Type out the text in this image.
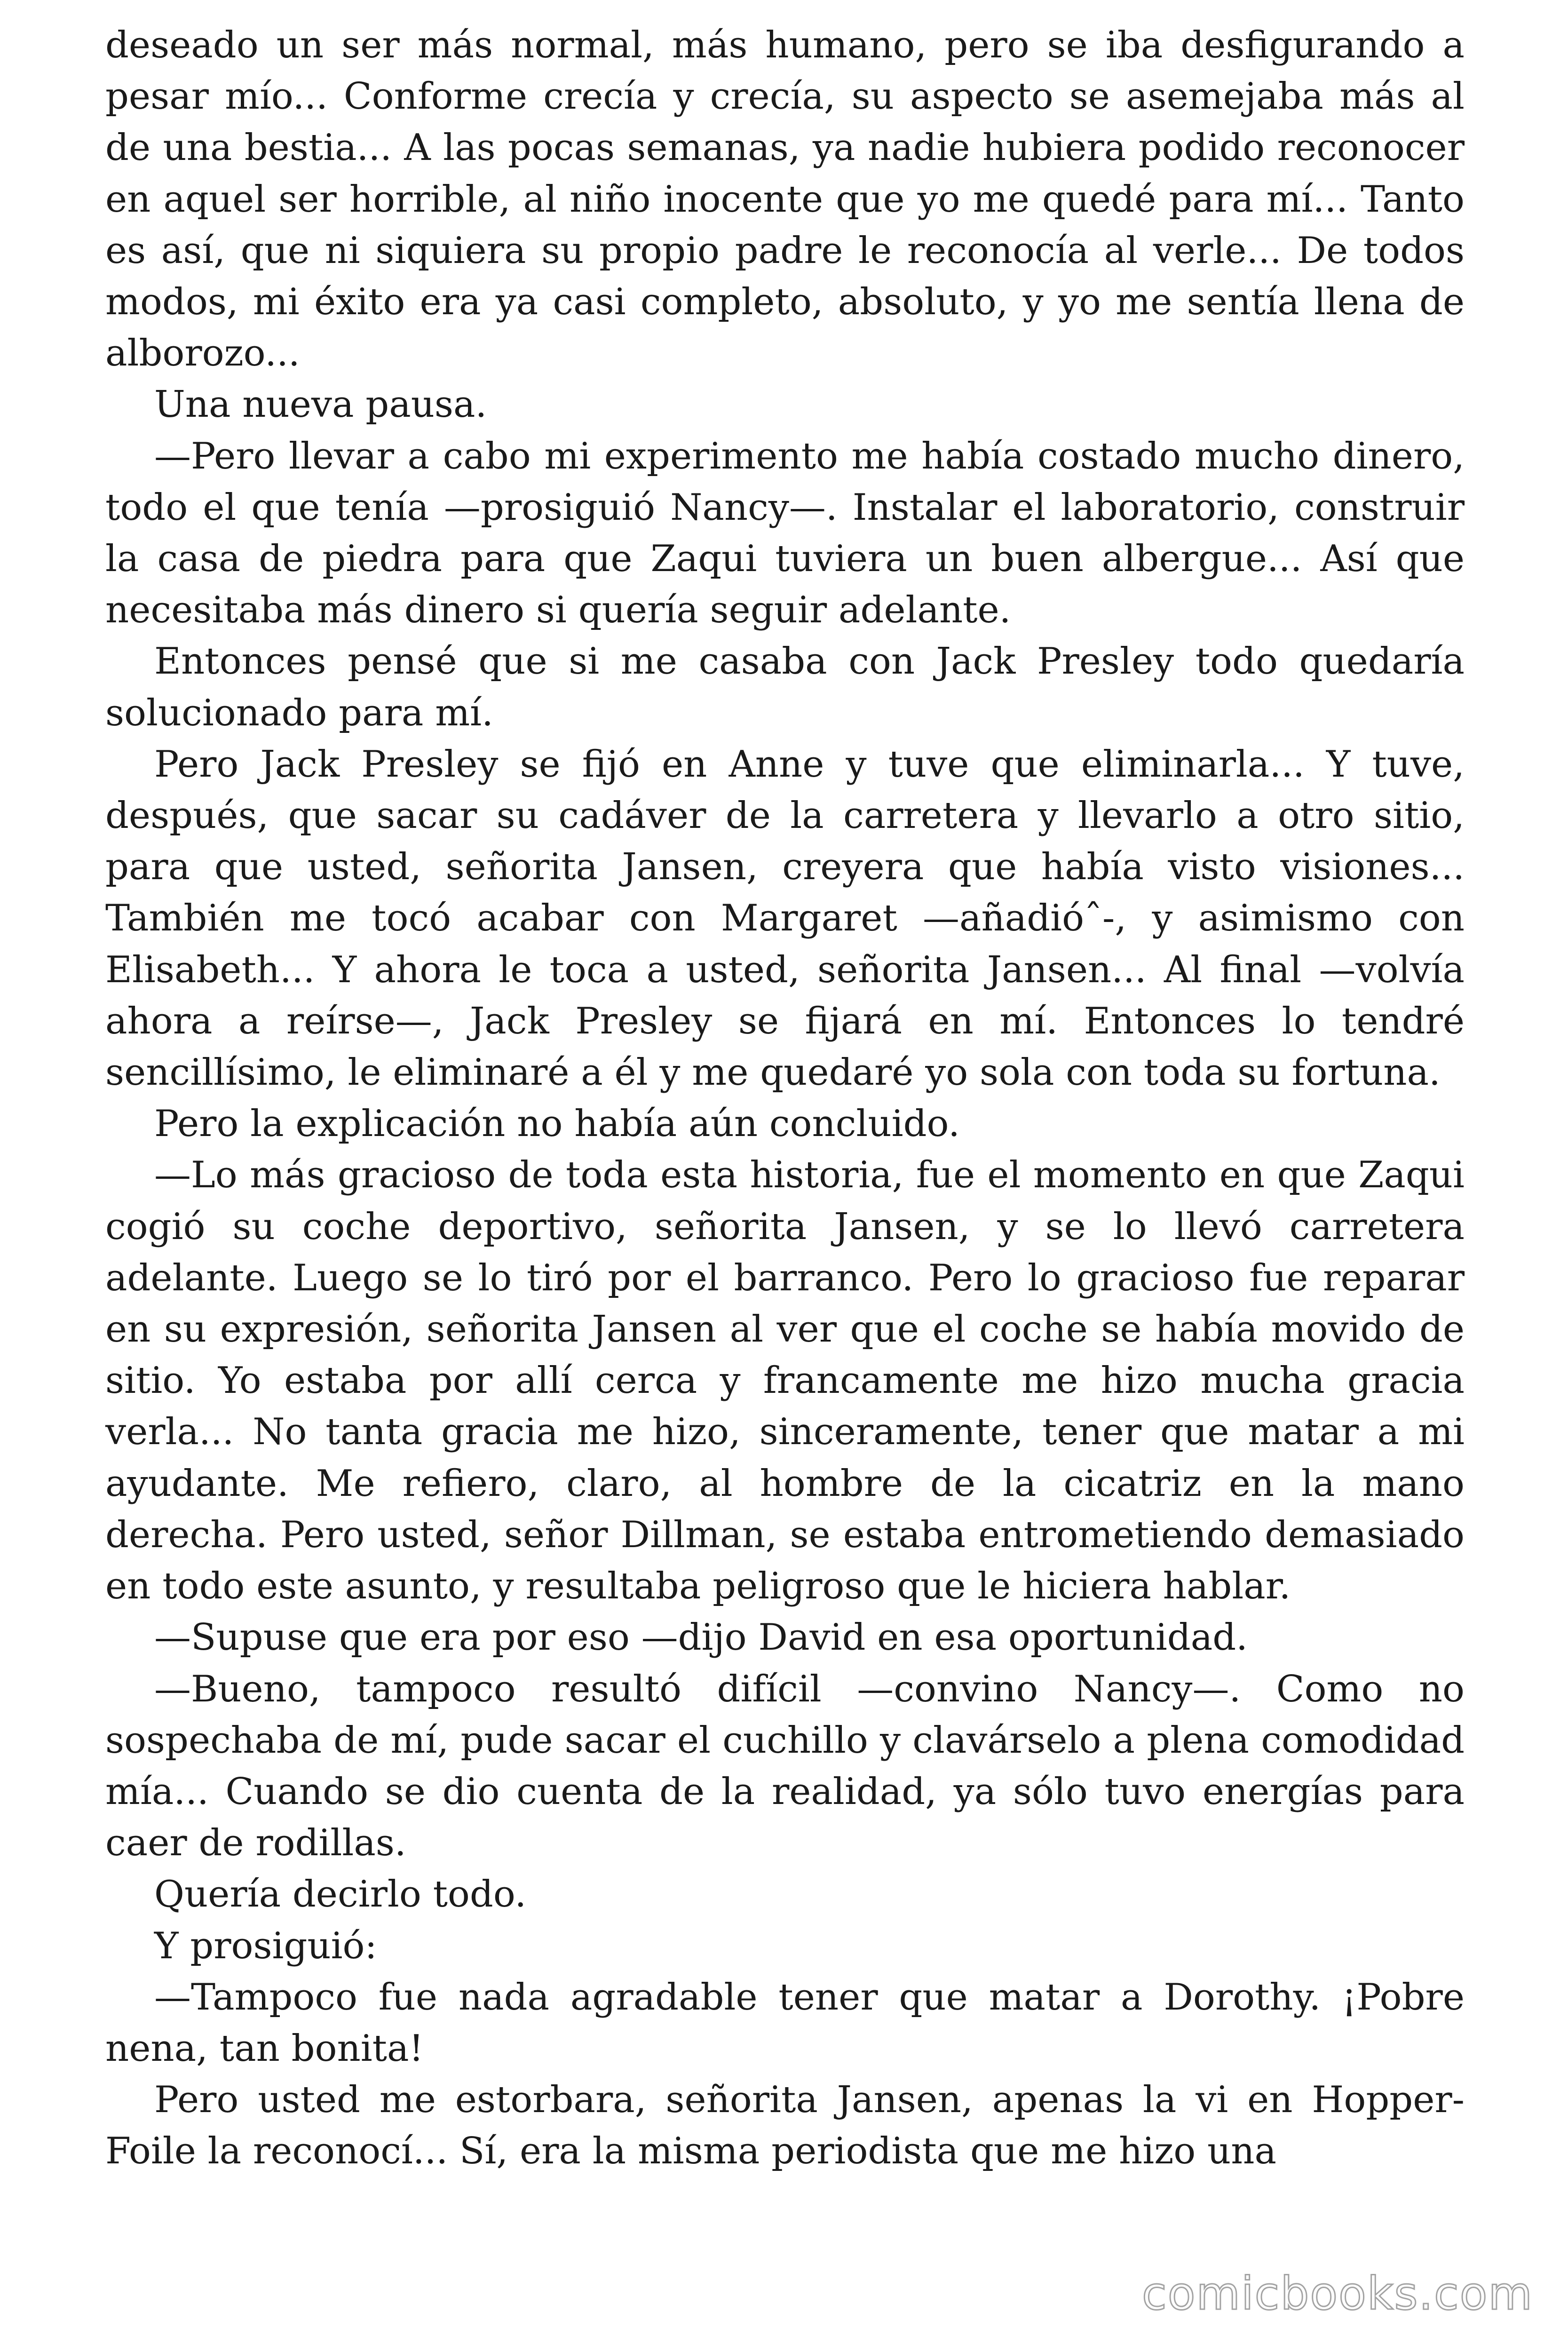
deseado un ser más normal, más humano, pero se iba desfigurando a pesar mío... Conforme crecía y crecía, su aspecto se asemejaba más al de una bestia... A las pocas semanas, ya nadie hubiera podido reconocer en aquel ser horrible, al niño inocente que yo me quedé para mí... Tanto es así, que ni siquiera su propio padre le reconocía al verle... De todos modos, mi éxito era ya casi completo, absoluto, y yo me sentía llena de alborozo...

Una nueva pausa.

—Pero llevar a cabo mi experimento me había costado mucho dinero, todo el que tenía —prosiguió Nancy—. Instalar el laboratorio, construir la casa de piedra para que Zaqui tuviera un buen albergue... Así que necesitaba más dinero si quería seguir adelante.

Entonces pensé que si me casaba con Jack Presley todo quedaría solucionado para mí.

Pero Jack Presley se fijó en Anne y tuve que eliminarla... Y tuve, después, que sacar su cadáver de la carretera y llevarlo a otro sitio, para que usted, señorita Jansen, creyera que había visto visiones... También me tocó acabar con Margaret —añadióˆ-, y asimismo con Elisabeth... Y ahora le toca a usted, señorita Jansen... Al final —volvía ahora a reírse—, Jack Presley se fijará en mí. Entonces lo tendré sencillísimo, le eliminaré a él y me quedaré yo sola con toda su fortuna.

Pero la explicación no había aún concluido.

—Lo más gracioso de toda esta historia, fue el momento en que Zaqui cogió su coche deportivo, señorita Jansen, y se lo llevó carretera adelante. Luego se lo tiró por el barranco. Pero lo gracioso fue reparar en su expresión, señorita Jansen al ver que el coche se había movido de sitio. Yo estaba por allí cerca y francamente me hizo mucha gracia verla... No tanta gracia me hizo, sinceramente, tener que matar a mi ayudante. Me refiero, claro, al hombre de la cicatriz en la mano derecha. Pero usted, señor Dillman, se estaba entrometiendo demasiado en todo este asunto, y resultaba peligroso que le hiciera hablar.

—Supuse que era por eso —dijo David en esa oportunidad.

—Bueno, tampoco resultó difícil —convino Nancy—. Como no sospechaba de mí, pude sacar el cuchillo y clavárselo a plena comodidad mía... Cuando se dio cuenta de la realidad, ya sólo tuvo energías para caer de rodillas.

Quería decirlo todo.

Y prosiguió:

—Tampoco fue nada agradable tener que matar a Dorothy. ¡Pobre nena, tan bonita!

Pero usted me estorbara, señorita Jansen, apenas la vi en Hopper-Foile la reconocí... Sí, era la misma periodista que me hizo una

comicbooks.com
